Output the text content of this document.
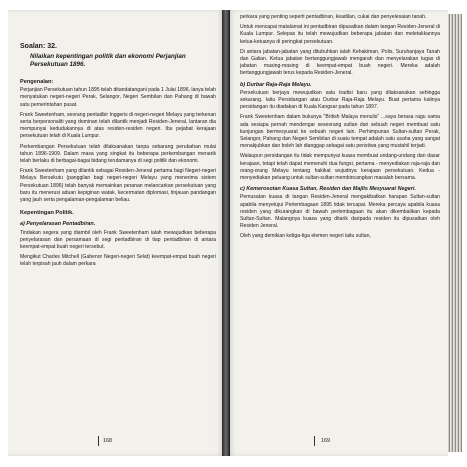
Soalan: 32.
Nilaikan kepentingan politik dan ekonomi Perjanjian Persekutuan 1896.
Pengenalan:

Perjanjian Persekutuan tahun 1895 telah ditandatangani pada 1 Julai 1896, lanya telah menyatukan negeri-negeri Perak, Selangor, Negeri Sembilan dan Pahang di bawah satu pemerintahan pusat.

Frank Sweetenham, seorang pentadbir Inggeris di negeri-negeri Melayu yang terkenan serta berpersonaliti yang dominan telah dilantik menjadi Residen-Jeneral, lantaran dia mempunyai kedudukannya di atas residen-residen negeri. Ibu pejabat kerajaan persekutuan telah di Kuala Lumpur.

Perkembangan Persekutuan telah dilaksanakan tanpa sebarang perubahan mulai tahun 1896-1909. Dalam masa yang singkat itu beberapa perkembangan menarik telah berlaku di berbagai-bagai bidang terutamanya di segi politik dan ekonomi.

Frank Sweetenham yang dilantik sebagai Residen-Jeneral pertama bagi Negeri-negeri Melayu Bersekutu (panggilan bagi negeri-negeri Melayu yang menerima sistem Persekutuan 1896) telah banyak memainkan peranan melancarkan persekutuan yang baru itu menerusi aduan kepiginan watak, kecermatan diplomasi, tinjauan pandangan yang jauh serta pengalaman-pengalaman beliau.

Kepentingan Politik.
a) Penyelarasan Pentadbiran.

Tindakan segera yang diambil oleh Frank Sweetenham ialah mewujudkan beberapa penyelarasan dan persamaan di segi pentadbiran di tiap pentadbiran di antara keempat-empat buah negeri tersebut.

Mengikut Charles Mitchell (Gabenor Negeri-negeri Selat) keempat-empat buah negeri telah terpisah jauh dalam perkara

168

perkara yang penting seperti pentadbiran, keadilan, cukai dan penyelesaian tanah.

Untuk mencapai matalamat ini pentadbiran dipusatkan dalam tangan Residen-Jeneral di Kuala Lumpur. Selepas itu telah mewujudkan beberapa jabatan dan meletakkannya ketua-ketuanya di peringkat persekutuan.

Di antara jabatan-jabatan yang ditubuhkan ialah Kehakiman, Polis, Suruhanjaya Tanah dan Galian. Ketua jabatan bertanggungjawab mengarah dan menyelarakan tugas di jabatan masing-masing di keempat-empat buah negeri. Mereka adalah bertanggungjawab terus kepada Residen-Jeneral.

b) Durbar Raja-Raja Melayu.

Persekutuan berjaya mewujudkan satu tradisi baru yang dilaksanakan sehingga sekarang. Iaitu Persidangan atau Durbar Raja-Raja Melayu. Buat pertama kalinya persidangan itu diadakan di Kuala Kangsar pada tahun 1897.

Frank Sweetenham dalam bukunya "British Malaya menulis" ...saya berasa ragu sama ada sesiapa pernah mendengar seseorang sultan dari sebuah negeri membuat satu kunjungan bermesyuarat ke sebuah negeri lain. Perhimpunan Sultan-sultan Perak, Selangor, Pahang dan Negeri Sembilan di suatu tempat adalah satu usaha yang sangat menakjubkan dan boleh lah dianggap sebagai satu peristiwa yang mustahil terjadi.

Walaupun persidangan itu tidak mempunyai kuasa membuat undang-undang dan dasar kerajaan, tetapi telah dapat memenuhi dua fungsi, pertama - menyediakan raja-raja dan orang-orang Melayu tentang hakikat wujudnya kerajaan persekutuan. Kedua - menyediakan peluang untuk sultan-sultan membincangkan masalah bersama.

c) Kemerosotan Kuasa Sultan, Residen dan Majlis Mesyuarat Negeri.

Pemusatan kuasa di tangan Residen-Jeneral mengakibatkan harapan Sultan-sultan apabila menyetujui Perlembagaan 1895 tidak tercapai. Mereka percaya apabila kuasa residen yang dikurangkan di bawah perlembagaan itu akan dikembalikan kepada Sultan-Sultan. Malangnya kuasa yang ditarik daripada residen itu dipusatkan oleh Residen Jeneral.

Oleh yang demikian ketiga-tiga elemen negeri iaitu sultan,

169
